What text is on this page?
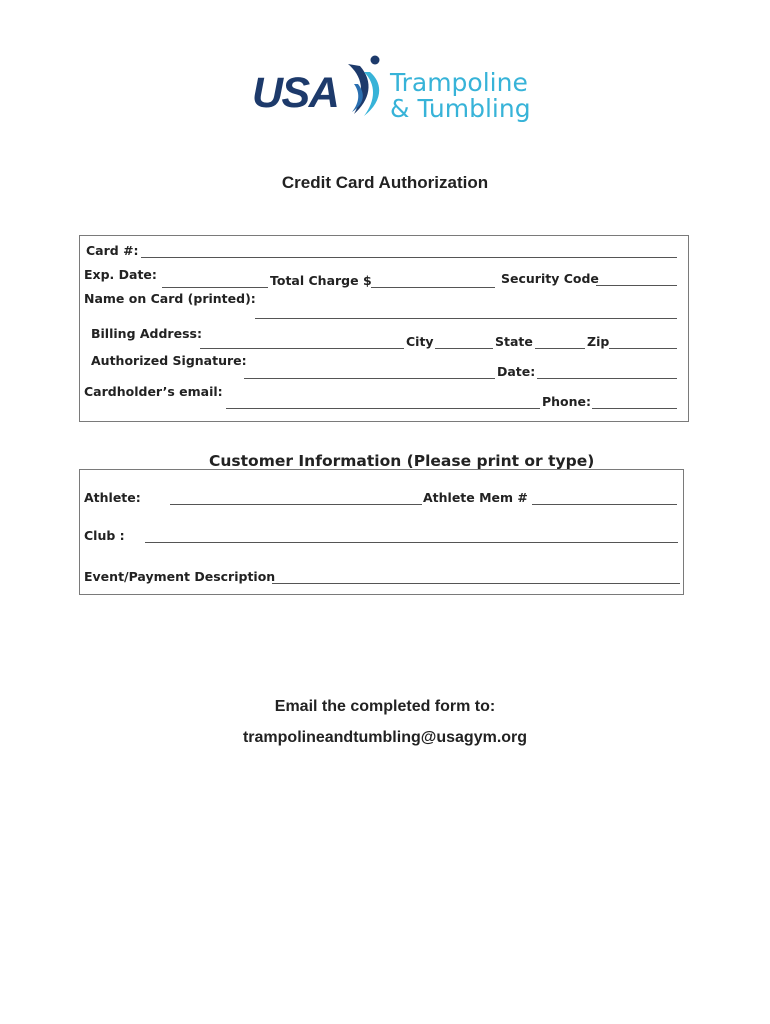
USA Trampoline
& Tumbling
Credit Card Authorization
Card #:
Exp. Date:	Total Charge $	Security Code
Name on Card (printed):
Billing Address:
City	State	Zip
Authorized Signature:
Date:
Cardholder’s email:
Phone:
Customer Information (Please print or type)
Athlete:	Athlete Mem #
Club :
Event/Payment Description
Email the completed form to:
trampolineandtumbling@usagym.org
